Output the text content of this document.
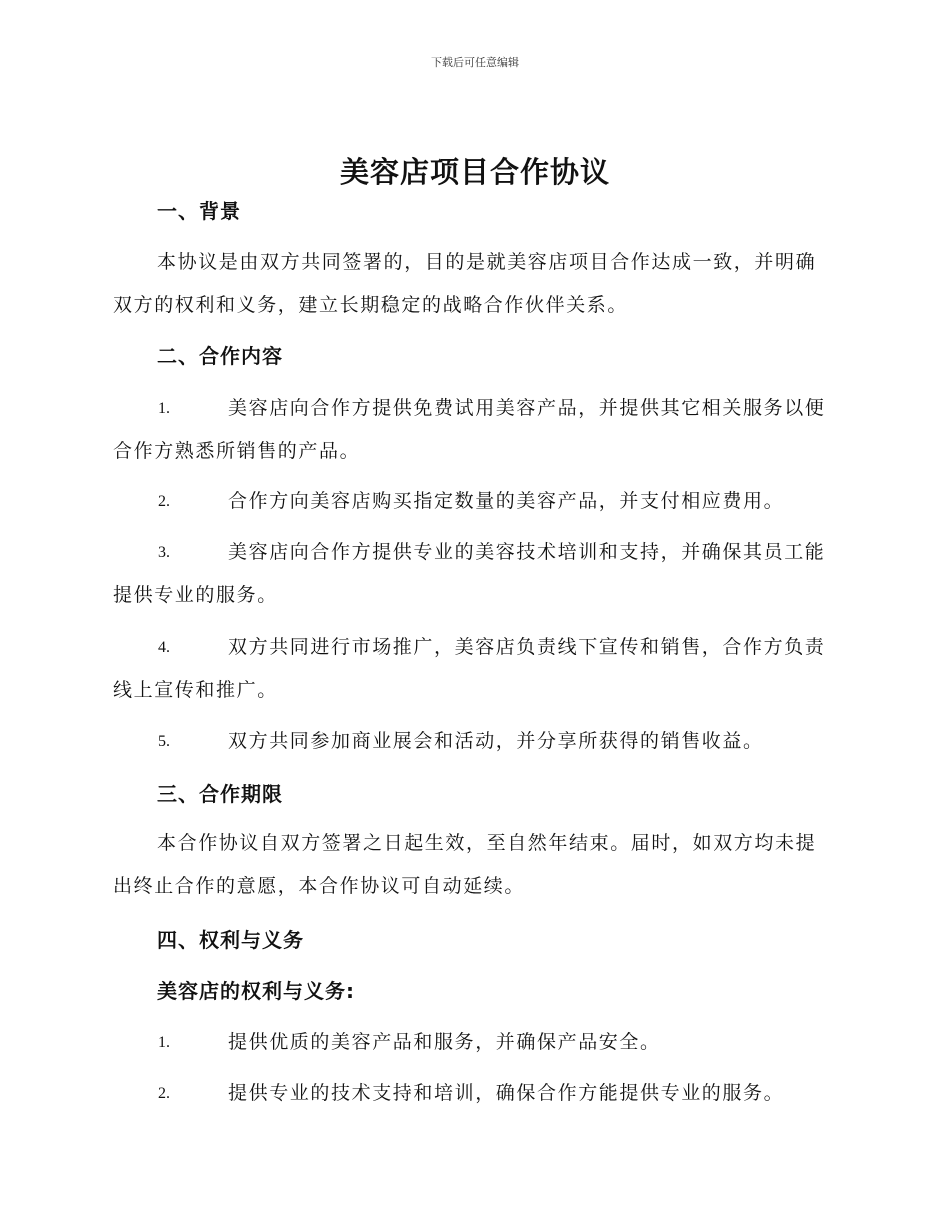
下载后可任意编辑
美容店项目合作协议
一、背景
本协议是由双方共同签署的，目的是就美容店项目合作达成一致，并明确双方的权利和义务，建立长期稳定的战略合作伙伴关系。
二、合作内容
1.	美容店向合作方提供免费试用美容产品，并提供其它相关服务以便合作方熟悉所销售的产品。
2.	合作方向美容店购买指定数量的美容产品，并支付相应费用。
3.	美容店向合作方提供专业的美容技术培训和支持，并确保其员工能提供专业的服务。
4.	双方共同进行市场推广，美容店负责线下宣传和销售，合作方负责线上宣传和推广。
5.	双方共同参加商业展会和活动，并分享所获得的销售收益。
三、合作期限
本合作协议自双方签署之日起生效，至自然年结束。届时，如双方均未提出终止合作的意愿，本合作协议可自动延续。
四、权利与义务
美容店的权利与义务:
1.	提供优质的美容产品和服务，并确保产品安全。
2.	提供专业的技术支持和培训，确保合作方能提供专业的服务。
